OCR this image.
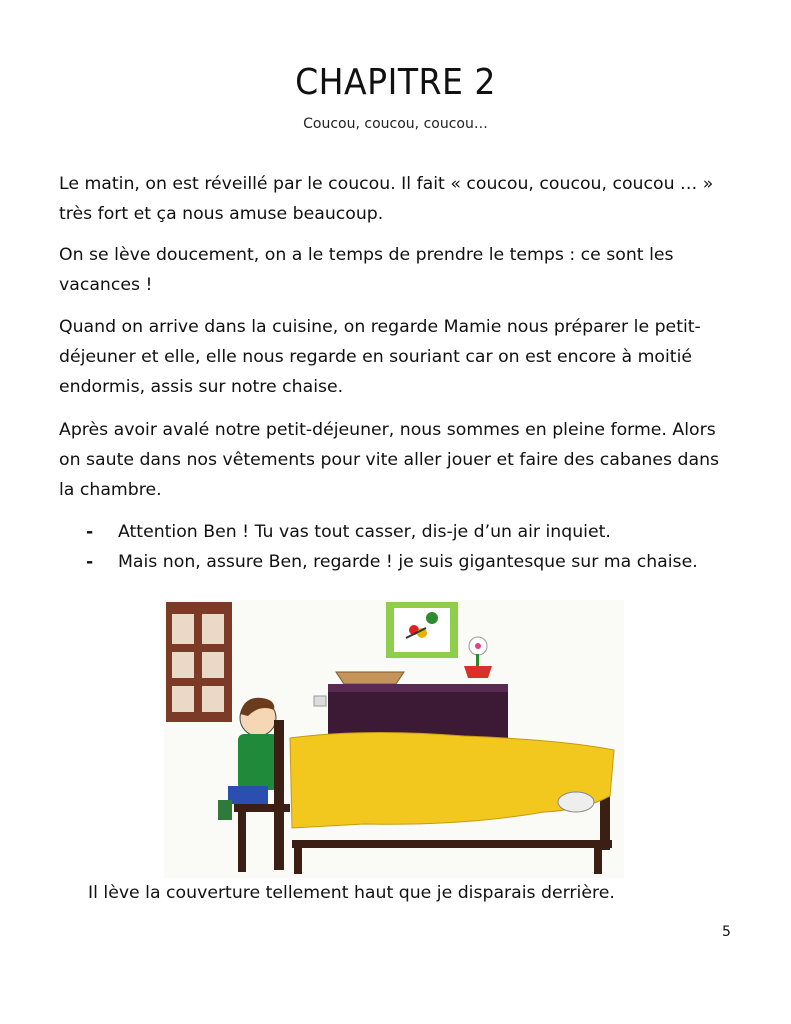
CHAPITRE 2
Coucou, coucou, coucou…
Le matin, on est réveillé par le coucou. Il fait « coucou, coucou, coucou … » très fort et ça nous amuse beaucoup.
On se lève doucement, on a le temps de prendre le temps : ce sont les vacances !
Quand on arrive dans la cuisine, on regarde Mamie nous préparer le petit-déjeuner et elle, elle nous regarde en souriant car on est encore à moitié endormis, assis sur notre chaise.
Après avoir avalé notre petit-déjeuner, nous sommes en pleine forme. Alors on saute dans nos vêtements pour vite aller jouer et faire des cabanes dans la chambre.
- Attention Ben ! Tu vas tout casser, dis-je d’un air inquiet.
- Mais non, assure Ben, regarde ! je suis gigantesque sur ma chaise.
Il lève la couverture tellement haut que je disparais derrière.
5
